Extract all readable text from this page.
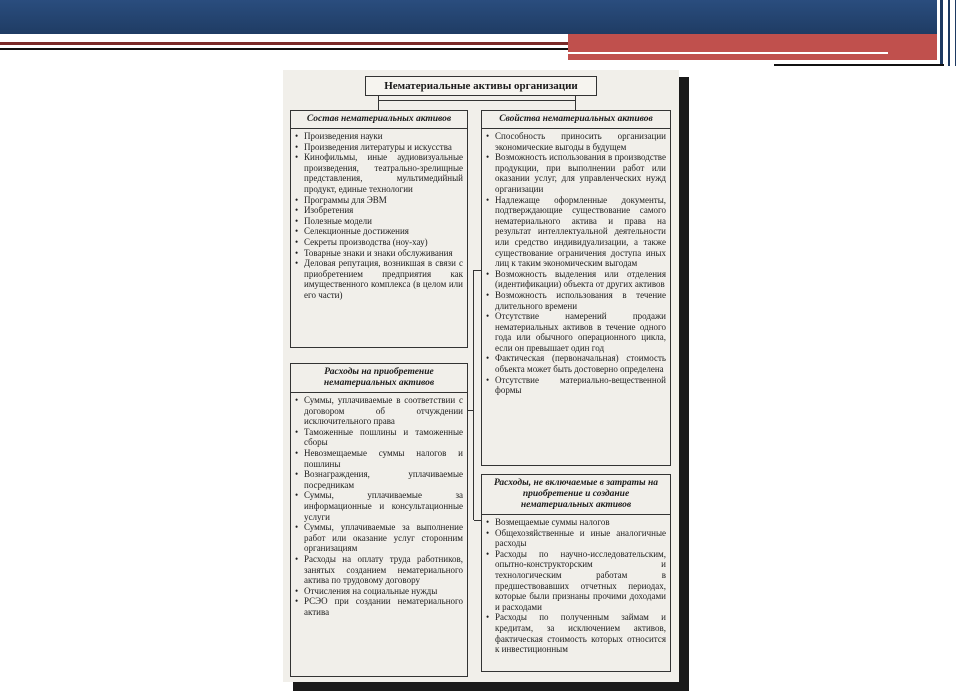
Нематериальные активы организации
Состав нематериальных активов
• Произведения науки
• Произведения литературы и искусства
• Кинофильмы, иные аудиовизуальные произведения, театрально-зрелищные представления, мультимедийный продукт, единые технологии
• Программы для ЭВМ
• Изобретения
• Полезные модели
• Селекционные достижения
• Секреты производства (ноу-хау)
• Товарные знаки и знаки обслуживания
• Деловая репутация, возникшая в связи с приобретением предприятия как имущественного комплекса (в целом или его части)
Свойства нематериальных активов
• Способность приносить организации экономические выгоды в будущем
• Возможность использования в производстве продукции, при выполнении работ или оказании услуг, для управленческих нужд организации
• Надлежаще оформленные документы, подтверждающие существование самого нематериального актива и права на результат интеллектуальной деятельности или средство индивидуализации, а также существование ограничения доступа иных лиц к таким экономическим выгодам
• Возможность выделения или отделения (идентификации) объекта от других активов
• Возможность использования в течение длительного времени
• Отсутствие намерений продажи нематериальных активов в течение одного года или обычного операционного цикла, если он превышает один год
• Фактическая (первоначальная) стоимость объекта может быть достоверно определена
• Отсутствие материально-вещественной формы
Расходы на приобретение нематериальных активов
• Суммы, уплачиваемые в соответствии с договором об отчуждении исключительного права
• Таможенные пошлины и таможенные сборы
• Невозмещаемые суммы налогов и пошлины
• Вознаграждения, уплачиваемые посредникам
• Суммы, уплачиваемые за информационные и консультационные услуги
• Суммы, уплачиваемые за выполнение работ или оказание услуг сторонним организациям
• Расходы на оплату труда работников, занятых созданием нематериального актива по трудовому договору
• Отчисления на социальные нужды
• РСЭО при создании нематериального актива
Расходы, не включаемые в затраты на приобретение и создание нематериальных активов
• Возмещаемые суммы налогов
• Общехозяйственные и иные аналогичные расходы
• Расходы по научно-исследовательским, опытно-конструкторским и технологическим работам в предшествовавших отчетных периодах, которые были признаны прочими доходами и расходами
• Расходы по полученным займам и кредитам, за исключением активов, фактическая стоимость которых относится к инвестиционным
